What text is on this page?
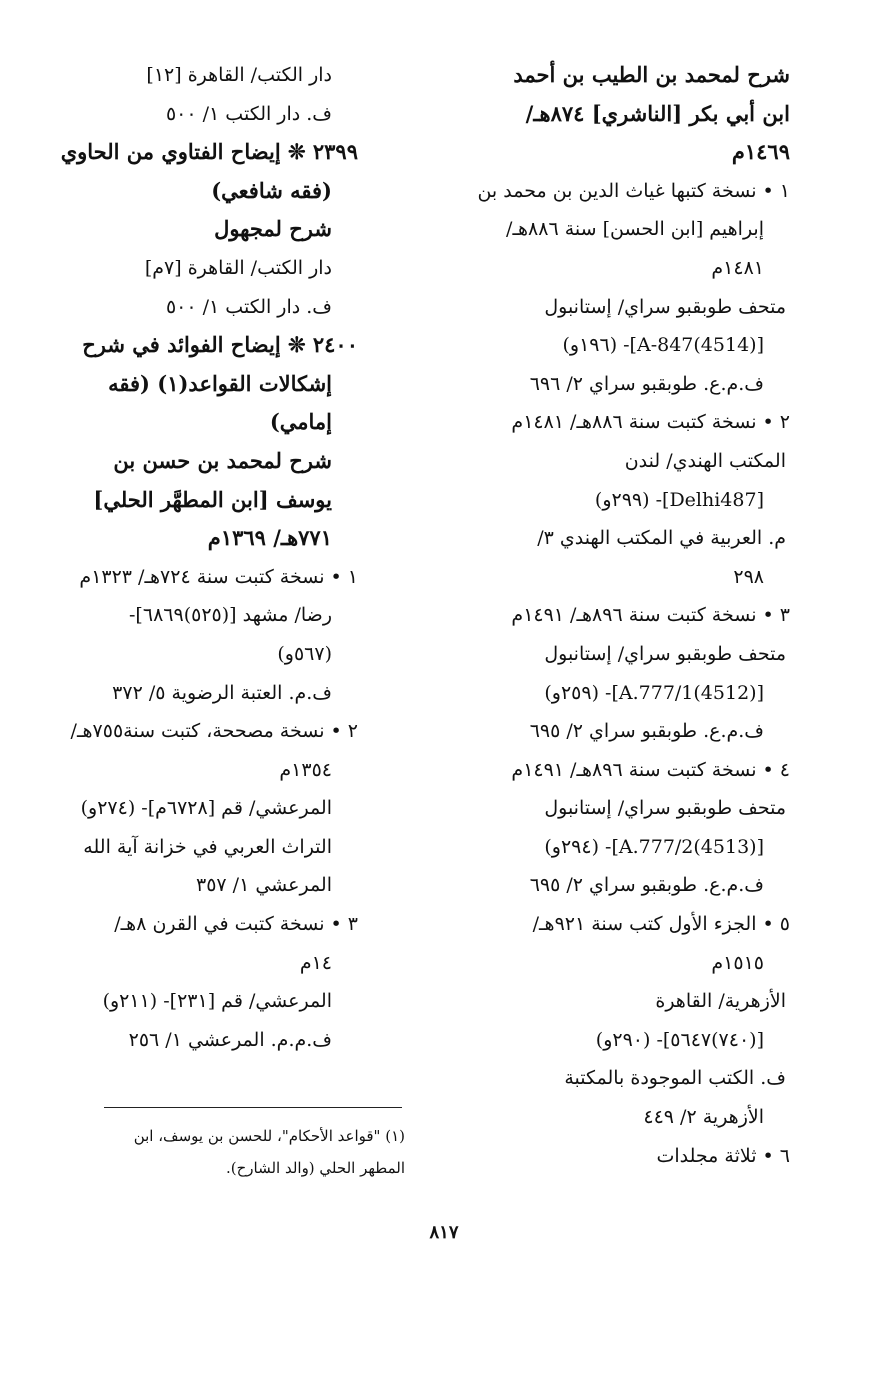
شرح لمحمد بن الطيب بن أحمد
ابن أبي بكر [الناشري] ٨٧٤هـ/
١٤٦٩م
١ • نسخة كتبها غياث الدين بن محمد بن
إبراهيم [ابن الحسن] سنة ٨٨٦هـ/
١٤٨١م
متحف طوبقبو سراي/ إستانبول
[A-847(4514)]- (١٩٦و)
ف.م.ع. طوبقبو سراي ٢/ ٦٩٦
٢ • نسخة كتبت سنة ٨٨٦هـ/ ١٤٨١م
المكتب الهندي/ لندن
[Delhi487]- (٢٩٩و)
م. العربية في المكتب الهندي ٣/
٢٩٨
٣ • نسخة كتبت سنة ٨٩٦هـ/ ١٤٩١م
متحف طوبقبو سراي/ إستانبول
[A.777/1(4512)]- (٢٥٩و)
ف.م.ع. طوبقبو سراي ٢/ ٦٩٥
٤ • نسخة كتبت سنة ٨٩٦هـ/ ١٤٩١م
متحف طوبقبو سراي/ إستانبول
[A.777/2(4513)]- (٢٩٤و)
ف.م.ع. طوبقبو سراي ٢/ ٦٩٥
٥ • الجزء الأول كتب سنة ٩٢١هـ/
١٥١٥م
الأزهرية/ القاهرة
[(٧٤٠)٥٦٤٧]- (٢٩٠و)
ف. الكتب الموجودة بالمكتبة
الأزهرية ٢/ ٤٤٩
٦ • ثلاثة مجلدات
دار الكتب/ القاهرة [١٢]
ف. دار الكتب ١/ ٥٠٠
٢٣٩٩ ❊ إيضاح الفتاوي من الحاوي
(فقه شافعي)
شرح لمجهول
دار الكتب/ القاهرة [٧م]
ف. دار الكتب ١/ ٥٠٠
٢٤٠٠ ❊ إيضاح الفوائد في شرح
إشكالات القواعد(١) (فقه
إمامي)
شرح لمحمد بن حسن بن
يوسف [ابن المطهَّر الحلي]
٧٧١هـ/ ١٣٦٩م
١ • نسخة كتبت سنة ٧٢٤هـ/ ١٣٢٣م
رضا/ مشهد [(٥٢٥)٦٨٦٩]-
(٥٦٧و)
ف.م. العتبة الرضوية ٥/ ٣٧٢
٢ • نسخة مصححة، كتبت سنة٧٥٥هـ/
١٣٥٤م
المرعشي/ قم [٦٧٢٨م]- (٢٧٤و)
التراث العربي في خزانة آية الله
المرعشي ١/ ٣٥٧
٣ • نسخة كتبت في القرن ٨هـ/
١٤م
المرعشي/ قم [٢٣١]- (٢١١و)
ف.م.م. المرعشي ١/ ٢٥٦
(١) "قواعد الأحكام"، للحسن بن يوسف، ابن
المطهر الحلي (والد الشارح).
٨١٧
